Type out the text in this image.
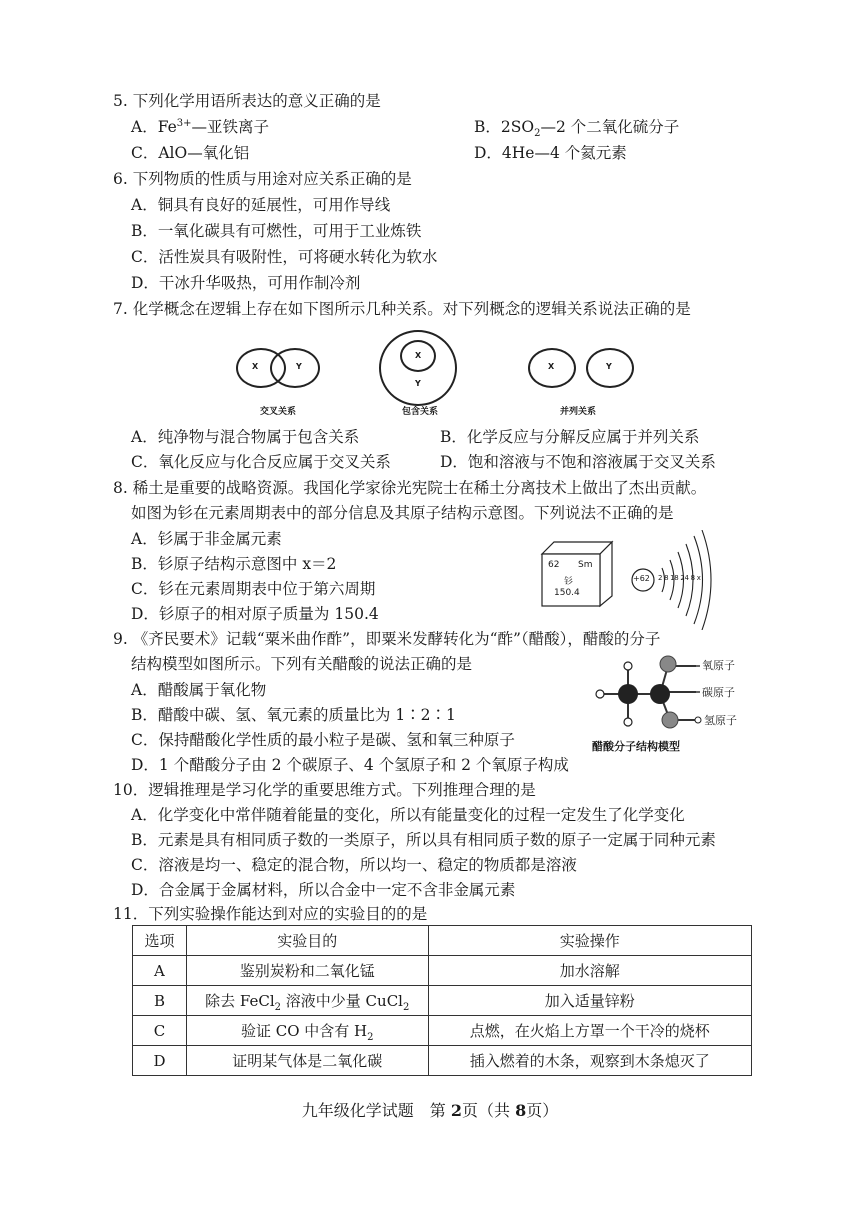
5. 下列化学用语所表达的意义正确的是
A．$Fe^{3+}—$亚铁离子	B．$2SO_2—2$ 个二氧化硫分子
C．AlO—氧化铝	D．4He—4 个氦元素
6. 下列物质的性质与用途对应关系正确的是
A．铜具有良好的延展性，可用作导线
B．一氧化碳具有可燃性，可用于工业炼铁
C．活性炭具有吸附性，可将硬水转化为软水
D．干冰升华吸热，可用作制冷剂
7. 化学概念在逻辑上存在如下图所示几种关系。对下列概念的逻辑关系说法正确的是
X	Y
交叉关系
X
Y
包含关系
X	Y
并列关系
A．纯净物与混合物属于包含关系	B．化学反应与分解反应属于并列关系
C．氧化反应与化合反应属于交叉关系	D．饱和溶液与不饱和溶液属于交叉关系
8. 稀土是重要的战略资源。我国化学家徐光宪院士在稀土分离技术上做出了杰出贡献。
如图为钐在元素周期表中的部分信息及其原子结构示意图。下列说法不正确的是
A．钐属于非金属元素
B．钐原子结构示意图中 x＝2
C．钐在元素周期表中位于第六周期
D．钐原子的相对原子质量为 150.4
62 Sm
钐
150.4
+62 2 8 18 24 8 x
9. 《齐民要术》记载“粟米曲作酢”，即粟米发酵转化为“酢”（醋酸），醋酸的分子
结构模型如图所示。下列有关醋酸的说法正确的是
A．醋酸属于氧化物
B．醋酸中碳、氢、氧元素的质量比为 1∶2∶1
C．保持醋酸化学性质的最小粒子是碳、氢和氧三种原子
D．1 个醋酸分子由 2 个碳原子、4 个氢原子和 2 个氧原子构成
氧原子
碳原子
氢原子
醋酸分子结构模型
10．逻辑推理是学习化学的重要思维方式。下列推理合理的是
A．化学变化中常伴随着能量的变化，所以有能量变化的过程一定发生了化学变化
B．元素是具有相同质子数的一类原子，所以具有相同质子数的原子一定属于同种元素
C．溶液是均一、稳定的混合物，所以均一、稳定的物质都是溶液
D．合金属于金属材料，所以合金中一定不含非金属元素
11．下列实验操作能达到对应的实验目的的是
选项	实验目的	实验操作
A	鉴别炭粉和二氧化锰	加水溶解
B	除去 FeCl$_2$ 溶液中少量 CuCl$_2$	加入适量锌粉
C	验证 CO 中含有 $H_2$	点燃，在火焰上方罩一个干冷的烧杯
D	证明某气体是二氧化碳	插入燃着的木条，观察到木条熄灭了
九年级化学试题　第 2页（共 8页）
